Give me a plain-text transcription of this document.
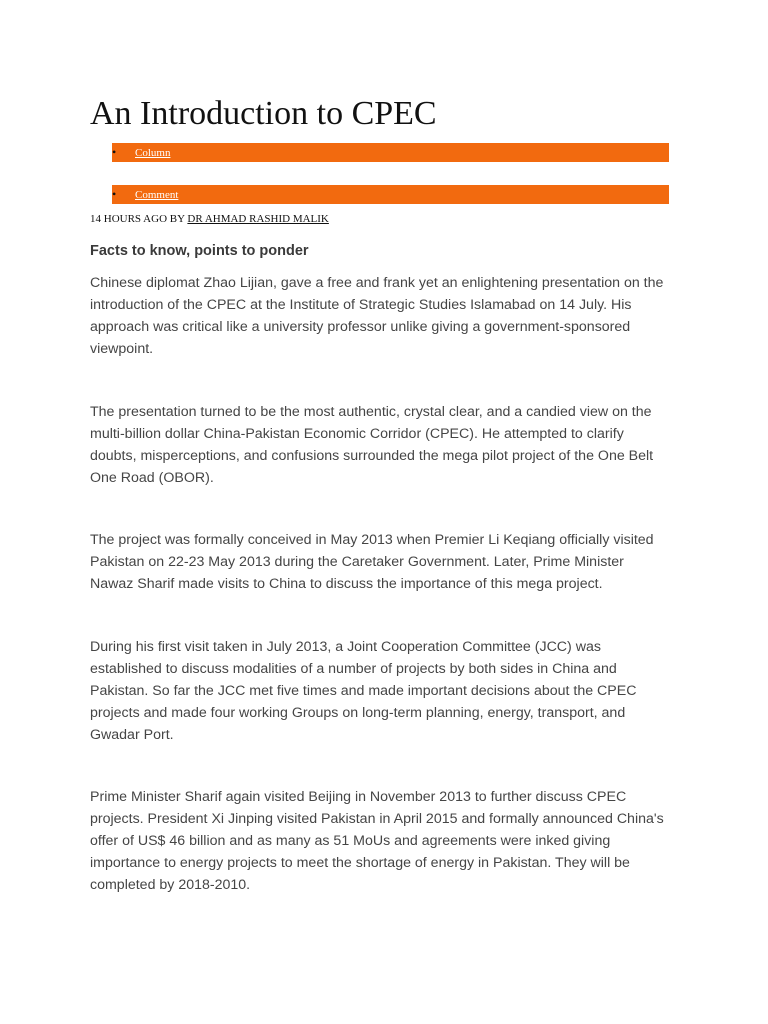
An Introduction to CPEC
• Column
• Comment
14 HOURS AGO BY DR AHMAD RASHID MALIK
Facts to know, points to ponder

Chinese diplomat Zhao Lijian, gave a free and frank yet an enlightening presentation on the
introduction of the CPEC at the Institute of Strategic Studies Islamabad on 14 July. His
approach was critical like a university professor unlike giving a government-sponsored
viewpoint.

The presentation turned to be the most authentic, crystal clear, and a candied view on the
multi-billion dollar China-Pakistan Economic Corridor (CPEC). He attempted to clarify
doubts, misperceptions, and confusions surrounded the mega pilot project of the One Belt
One Road (OBOR).

The project was formally conceived in May 2013 when Premier Li Keqiang officially visited
Pakistan on 22-23 May 2013 during the Caretaker Government. Later, Prime Minister
Nawaz Sharif made visits to China to discuss the importance of this mega project.

During his first visit taken in July 2013, a Joint Cooperation Committee (JCC) was
established to discuss modalities of a number of projects by both sides in China and
Pakistan. So far the JCC met five times and made important decisions about the CPEC
projects and made four working Groups on long-term planning, energy, transport, and
Gwadar Port.

Prime Minister Sharif again visited Beijing in November 2013 to further discuss CPEC
projects. President Xi Jinping visited Pakistan in April 2015 and formally announced China's
offer of US$ 46 billion and as many as 51 MoUs and agreements were inked giving
importance to energy projects to meet the shortage of energy in Pakistan. They will be
completed by 2018-2010.
